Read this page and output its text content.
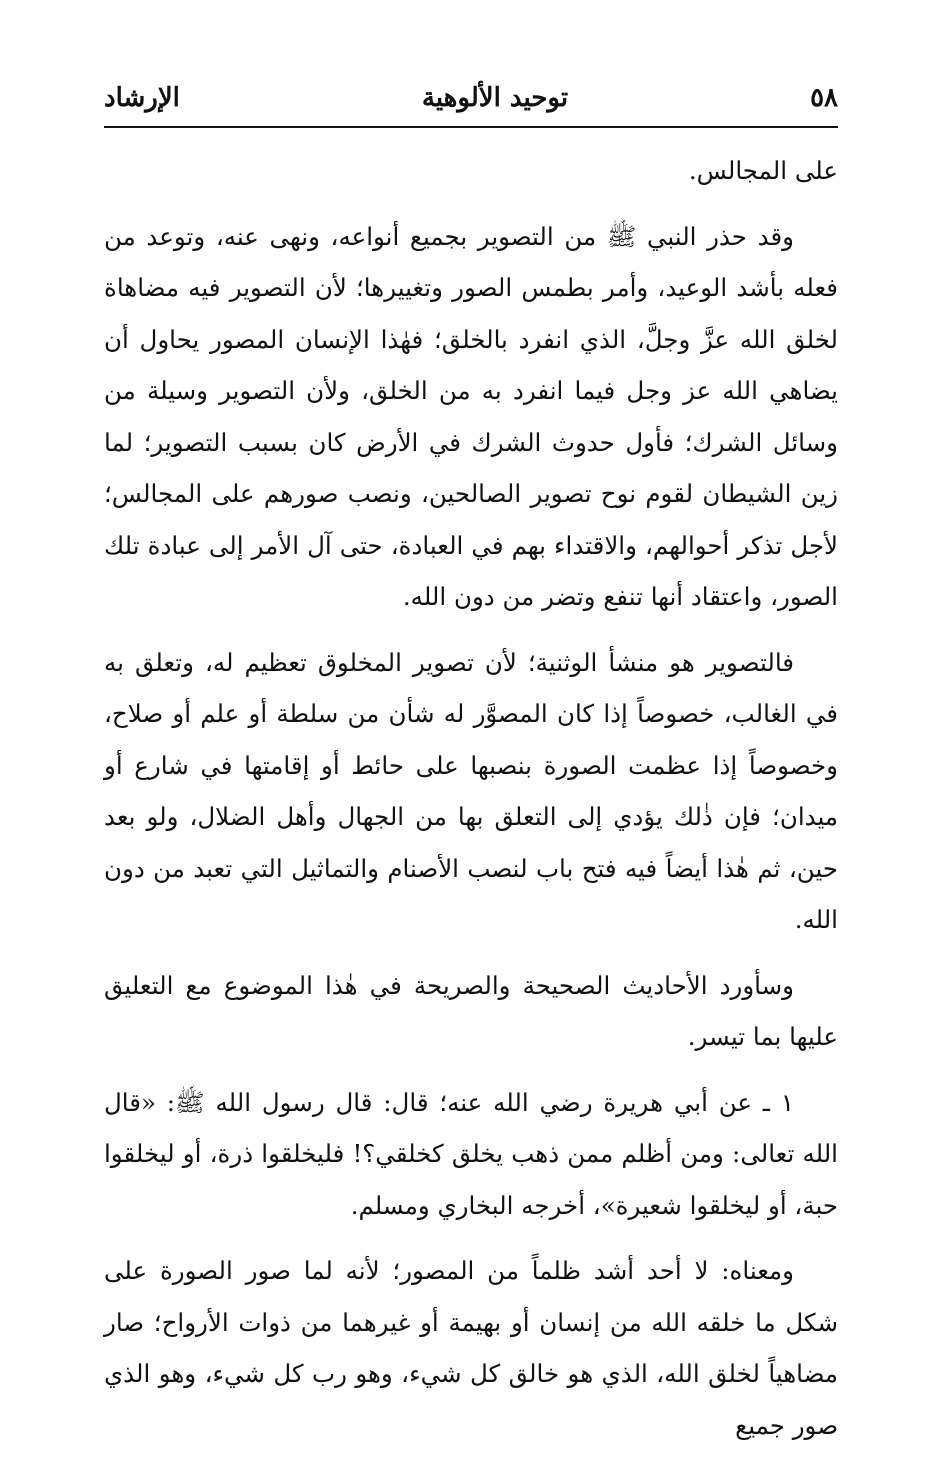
٥٨
توحيد الألوهية
الإرشاد

على المجالس.

وقد حذر النبي ﷺ من التصوير بجميع أنواعه، ونهى عنه، وتوعد من فعله بأشد الوعيد، وأمر بطمس الصور وتغييرها؛ لأن التصوير فيه مضاهاة لخلق الله عزَّ وجلَّ، الذي انفرد بالخلق؛ فهٰذا الإنسان المصور يحاول أن يضاهي الله عز وجل فيما انفرد به من الخلق، ولأن التصوير وسيلة من وسائل الشرك؛ فأول حدوث الشرك في الأرض كان بسبب التصوير؛ لما زين الشيطان لقوم نوح تصوير الصالحين، ونصب صورهم على المجالس؛ لأجل تذكر أحوالهم، والاقتداء بهم في العبادة، حتى آل الأمر إلى عبادة تلك الصور، واعتقاد أنها تنفع وتضر من دون الله.

فالتصوير هو منشأ الوثنية؛ لأن تصوير المخلوق تعظيم له، وتعلق به في الغالب، خصوصاً إذا كان المصوَّر له شأن من سلطة أو علم أو صلاح، وخصوصاً إذا عظمت الصورة بنصبها على حائط أو إقامتها في شارع أو ميدان؛ فإن ذٰلك يؤدي إلى التعلق بها من الجهال وأهل الضلال، ولو بعد حين، ثم هٰذا أيضاً فيه فتح باب لنصب الأصنام والتماثيل التي تعبد من دون الله.

وسأورد الأحاديث الصحيحة والصريحة في هٰذا الموضوع مع التعليق عليها بما تيسر.

١ ـ عن أبي هريرة رضي الله عنه؛ قال: قال رسول الله ﷺ: «قال الله تعالى: ومن أظلم ممن ذهب يخلق كخلقي؟! فليخلقوا ذرة، أو ليخلقوا حبة، أو ليخلقوا شعيرة»، أخرجه البخاري ومسلم.

ومعناه: لا أحد أشد ظلماً من المصور؛ لأنه لما صور الصورة على شكل ما خلقه الله من إنسان أو بهيمة أو غيرهما من ذوات الأرواح؛ صار مضاهياً لخلق الله، الذي هو خالق كل شيء، وهو رب كل شيء، وهو الذي صور جميع
